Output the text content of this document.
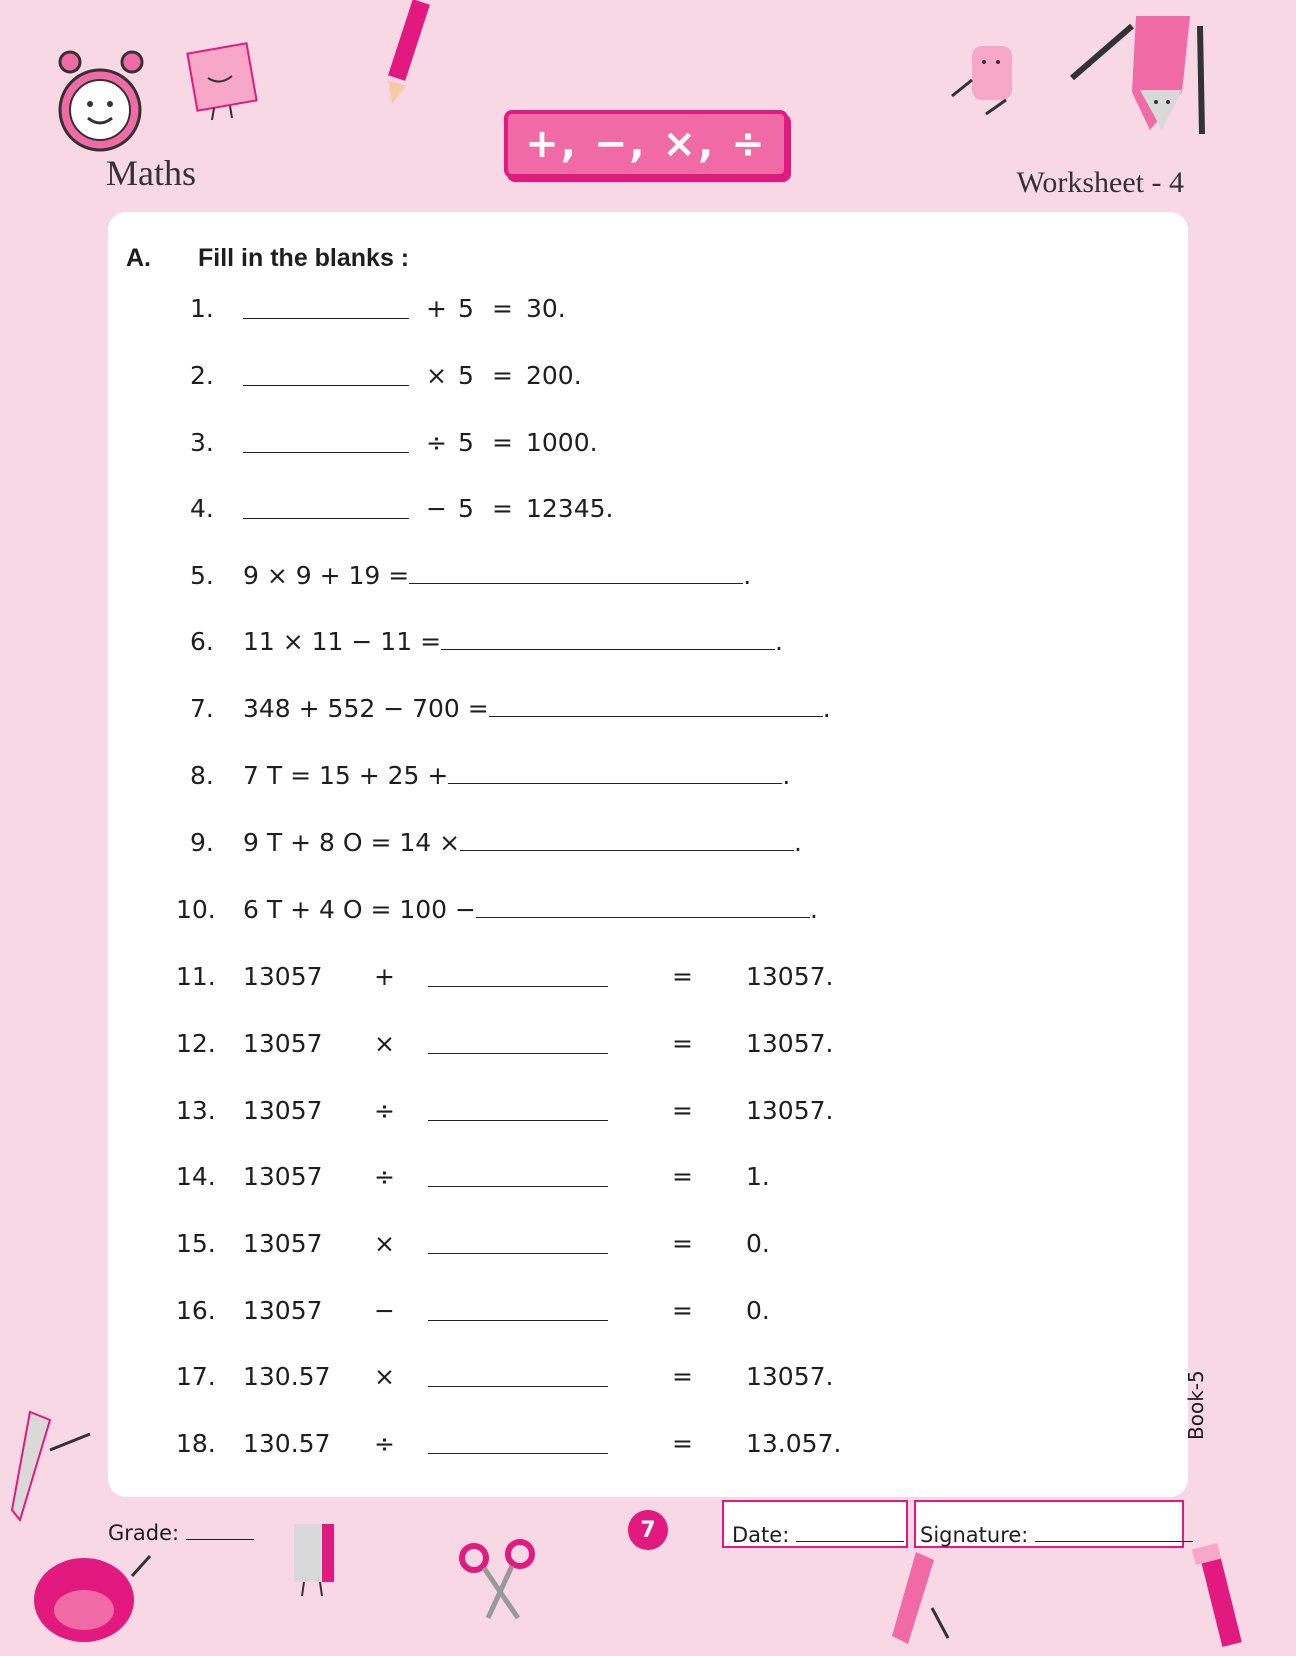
Maths
+, −, ×, ÷
Worksheet - 4
A. Fill in the blanks :
1.	+ 5 = 30.
2.	× 5 = 200.
3.	÷ 5 = 1000.
4.	− 5 = 12345.
5. 9 × 9 + 19 =	.
6. 11 × 11 − 11 =	.
7. 348 + 552 − 700 =	.
8. 7 T = 15 + 25 +	.
9. 9 T + 8 O = 14 ×	.
10. 6 T + 4 O = 100 −	.
11. 13057 +	= 13057.
12. 13057 ×	= 13057.
13. 13057 ÷	= 13057.
14. 13057 ÷	= 1.
15. 13057 ×	= 0.
16. 13057 −	= 0.
17. 130.57 ×	= 13057.
18. 130.57 ÷	= 13.057.
Book-5
Grade:	7	Date:	Signature:
